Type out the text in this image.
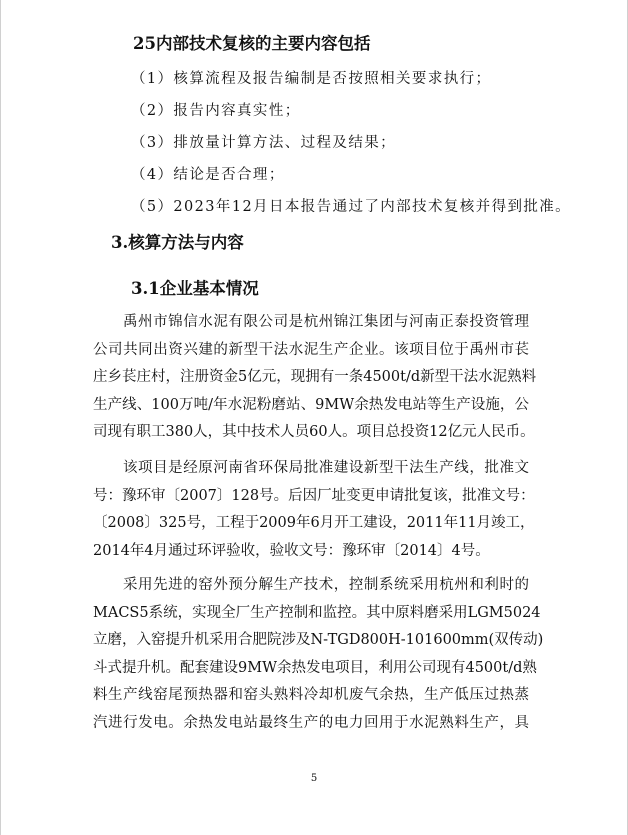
25内部技术复核的主要内容包括

（1）核算流程及报告编制是否按照相关要求执行；

（2）报告内容真实性；

（3）排放量计算方法、过程及结果；

（4）结论是否合理；

（5）2023年12月日本报告通过了内部技术复核并得到批准。

3.核算方法与内容

3.1企业基本情况

禹州市锦信水泥有限公司是杭州锦江集团与河南正泰投资管理
公司共同出资兴建的新型干法水泥生产企业。该项目位于禹州市苌
庄乡苌庄村，注册资金5亿元，现拥有一条4500t/d新型干法水泥熟料
生产线、100万吨/年水泥粉磨站、9MW余热发电站等生产设施，公
司现有职工380人，其中技术人员60人。项目总投资12亿元人民币。
该项目是经原河南省环保局批准建设新型干法生产线，批准文
号：豫环审〔2007〕128号。后因厂址变更申请批复该，批准文号：
〔2008〕325号，工程于2009年6月开工建设，2011年11月竣工，
2014年4月通过环评验收，验收文号：豫环审〔2014〕4号。
采用先进的窑外预分解生产技术，控制系统采用杭州和利时的
MACS5系统，实现全厂生产控制和监控。其中原料磨采用LGM5024
立磨，入窑提升机采用合肥院涉及N-TGD800H-101600mm(双传动)
斗式提升机。配套建设9MW余热发电项目，利用公司现有4500t/d熟
料生产线窑尾预热器和窑头熟料冷却机废气余热，生产低压过热蒸
汽进行发电。余热发电站最终生产的电力回用于水泥熟料生产，具
5
